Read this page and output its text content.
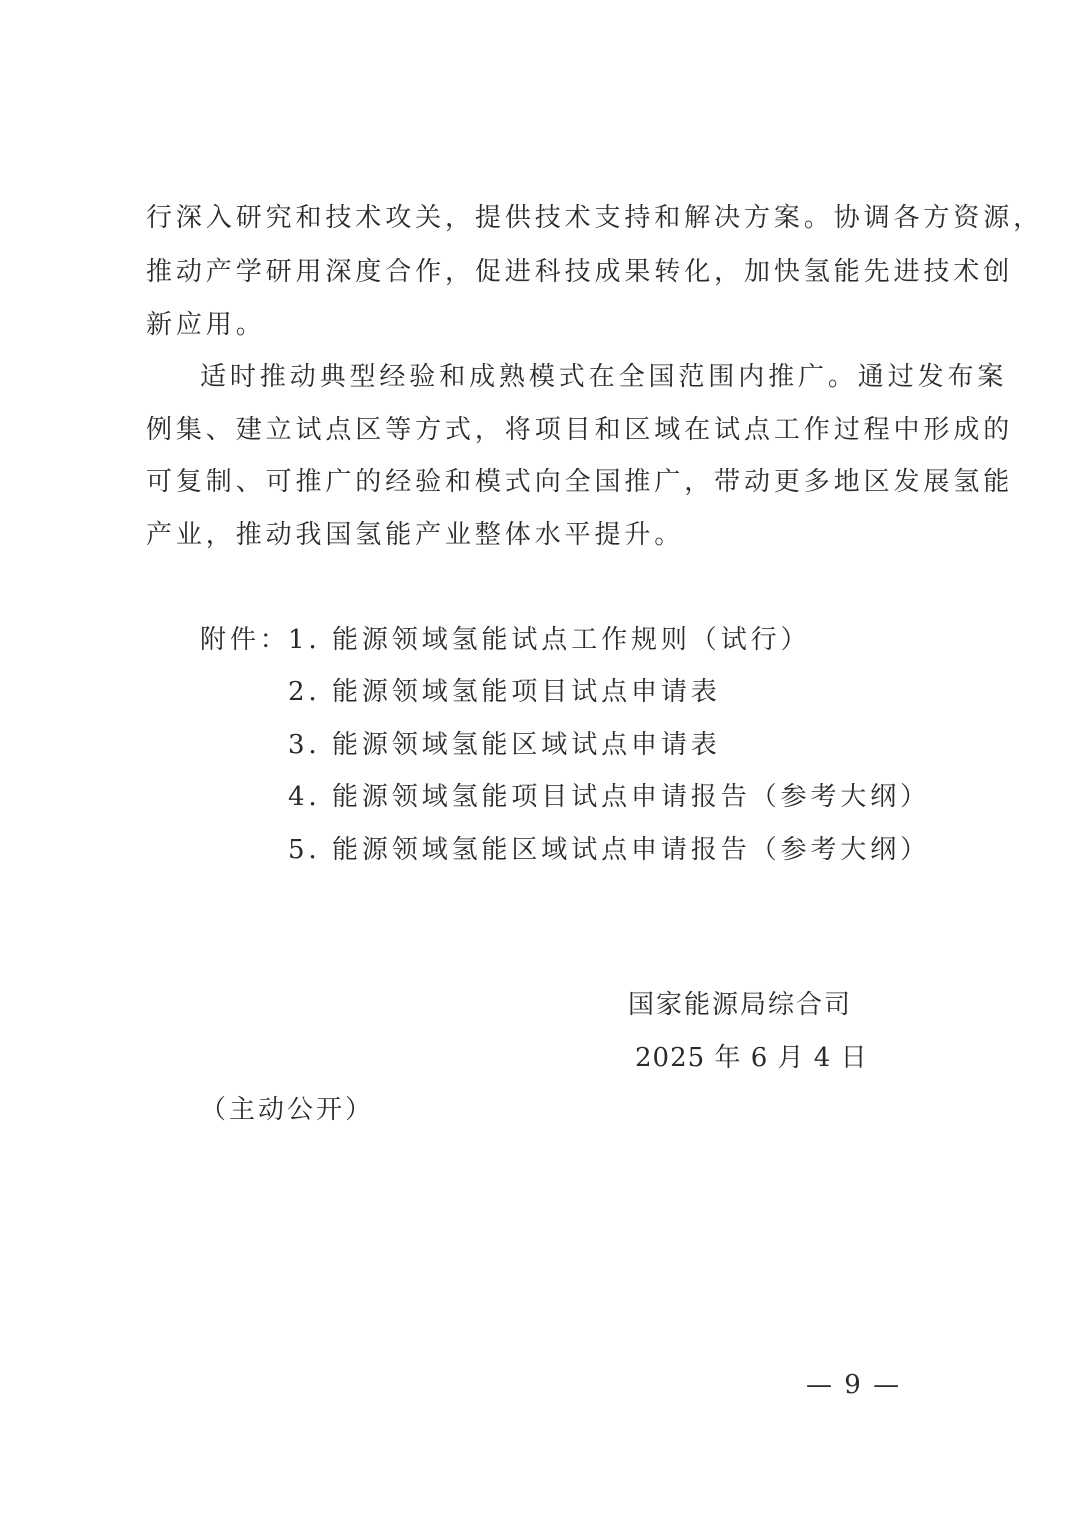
行深入研究和技术攻关，提供技术支持和解决方案。协调各方资源，
推动产学研用深度合作，促进科技成果转化，加快氢能先进技术创
新应用。
适时推动典型经验和成熟模式在全国范围内推广。通过发布案
例集、建立试点区等方式，将项目和区域在试点工作过程中形成的
可复制、可推广的经验和模式向全国推广，带动更多地区发展氢能
产业，推动我国氢能产业整体水平提升。
附件：
1．
能源领域氢能试点工作规则（试行）
2．
能源领域氢能项目试点申请表
3．
能源领域氢能区域试点申请表
4．
能源领域氢能项目试点申请报告（参考大纲）
5．
能源领域氢能区域试点申请报告（参考大纲）
国家能源局综合司
2025 年 6 月 4 日
（主动公开）
— 9 —
